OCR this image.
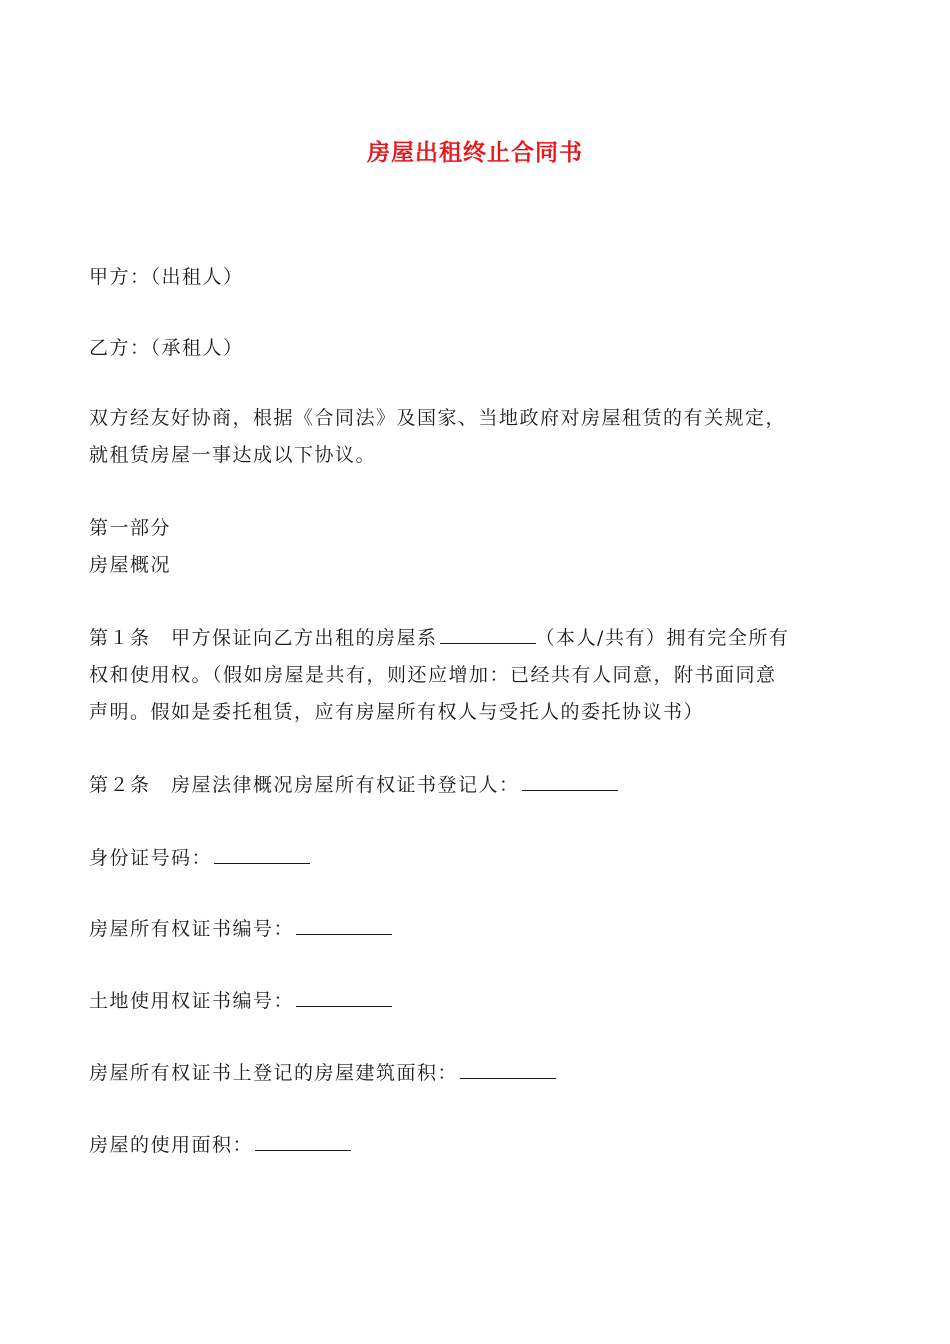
房屋出租终止合同书

甲方：（出租人）

乙方：（承租人）

双方经友好协商，根据《合同法》及国家、当地政府对房屋租赁的有关规定，
就租赁房屋一事达成以下协议。

第一部分
房屋概况

第１条　甲方保证向乙方出租的房屋系	（本人/共有）拥有完全所有
权和使用权。（假如房屋是共有，则还应增加：已经共有人同意，附书面同意
声明。假如是委托租赁，应有房屋所有权人与受托人的委托协议书）

第２条　房屋法律概况房屋所有权证书登记人：

身份证号码：

房屋所有权证书编号：

土地使用权证书编号：

房屋所有权证书上登记的房屋建筑面积：

房屋的使用面积：
